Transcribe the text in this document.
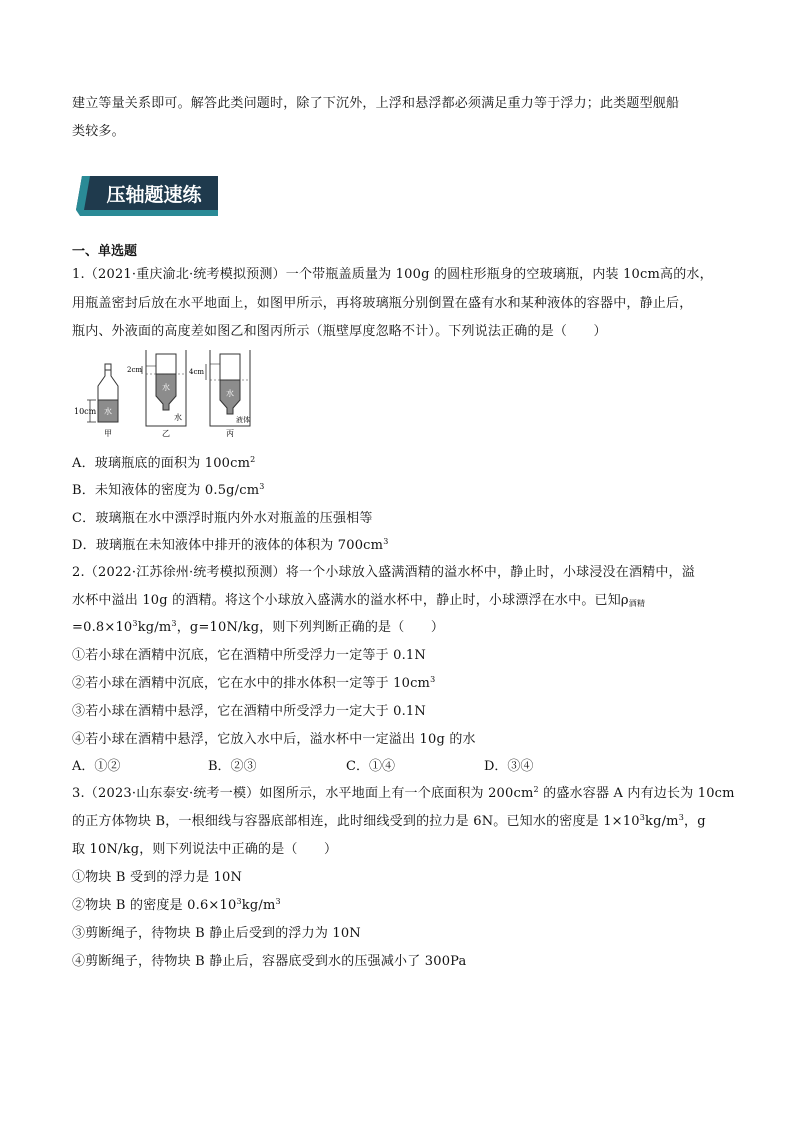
建立等量关系即可。解答此类问题时，除了下沉外，上浮和悬浮都必须满足重力等于浮力；此类题型舰船
类较多。
压轴题速练
一、单选题
1.（2021·重庆渝北·统考模拟预测）一个带瓶盖质量为 100g 的圆柱形瓶身的空玻璃瓶，内装 10cm高的水，
用瓶盖密封后放在水平地面上，如图甲所示，再将玻璃瓶分别倒置在盛有水和某种液体的容器中，静止后，
瓶内、外液面的高度差如图乙和图丙所示（瓶壁厚度忽略不计）。下列说法正确的是（　　）
10cm 水
甲
2cm
水
水
乙
4cm
水
液体
丙
A．玻璃瓶底的面积为 $100cm^2$
B．未知液体的密度为 $0.5g/cm^3$
C．玻璃瓶在水中漂浮时瓶内外水对瓶盖的压强相等
D．玻璃瓶在未知液体中排开的液体的体积为 $700cm^3$
2.（2022·江苏徐州·统考模拟预测）将一个小球放入盛满酒精的溢水杯中，静止时，小球浸没在酒精中，溢
水杯中溢出 10g 的酒精。将这个小球放入盛满水的溢水杯中，静止时，小球漂浮在水中。已知$\rho_{酒精}$
$=0.8\times 10^3kg/m^3$，g=10N/kg，则下列判断正确的是（　　）
①若小球在酒精中沉底，它在酒精中所受浮力一定等于 0.1N
②若小球在酒精中沉底，它在水中的排水体积一定等于 $10cm^3$
③若小球在酒精中悬浮，它在酒精中所受浮力一定大于 0.1N
④若小球在酒精中悬浮，它放入水中后，溢水杯中一定溢出 10g 的水
A．①②	B．②③	C．①④	D．③④
3.（2023·山东泰安·统考一模）如图所示，水平地面上有一个底面积为 $200cm^2$ 的盛水容器 A 内有边长为 10cm
的正方体物块 B，一根细线与容器底部相连，此时细线受到的拉力是 6N。已知水的密度是 $1\times 10^3kg/m^3$，g
取 10N/kg，则下列说法中正确的是（　　）
①物块 B 受到的浮力是 10N
②物块 B 的密度是 $0.6\times 10^3kg/m^3$
③剪断绳子，待物块 B 静止后受到的浮力为 10N
④剪断绳子，待物块 B 静止后，容器底受到水的压强减小了 300Pa
